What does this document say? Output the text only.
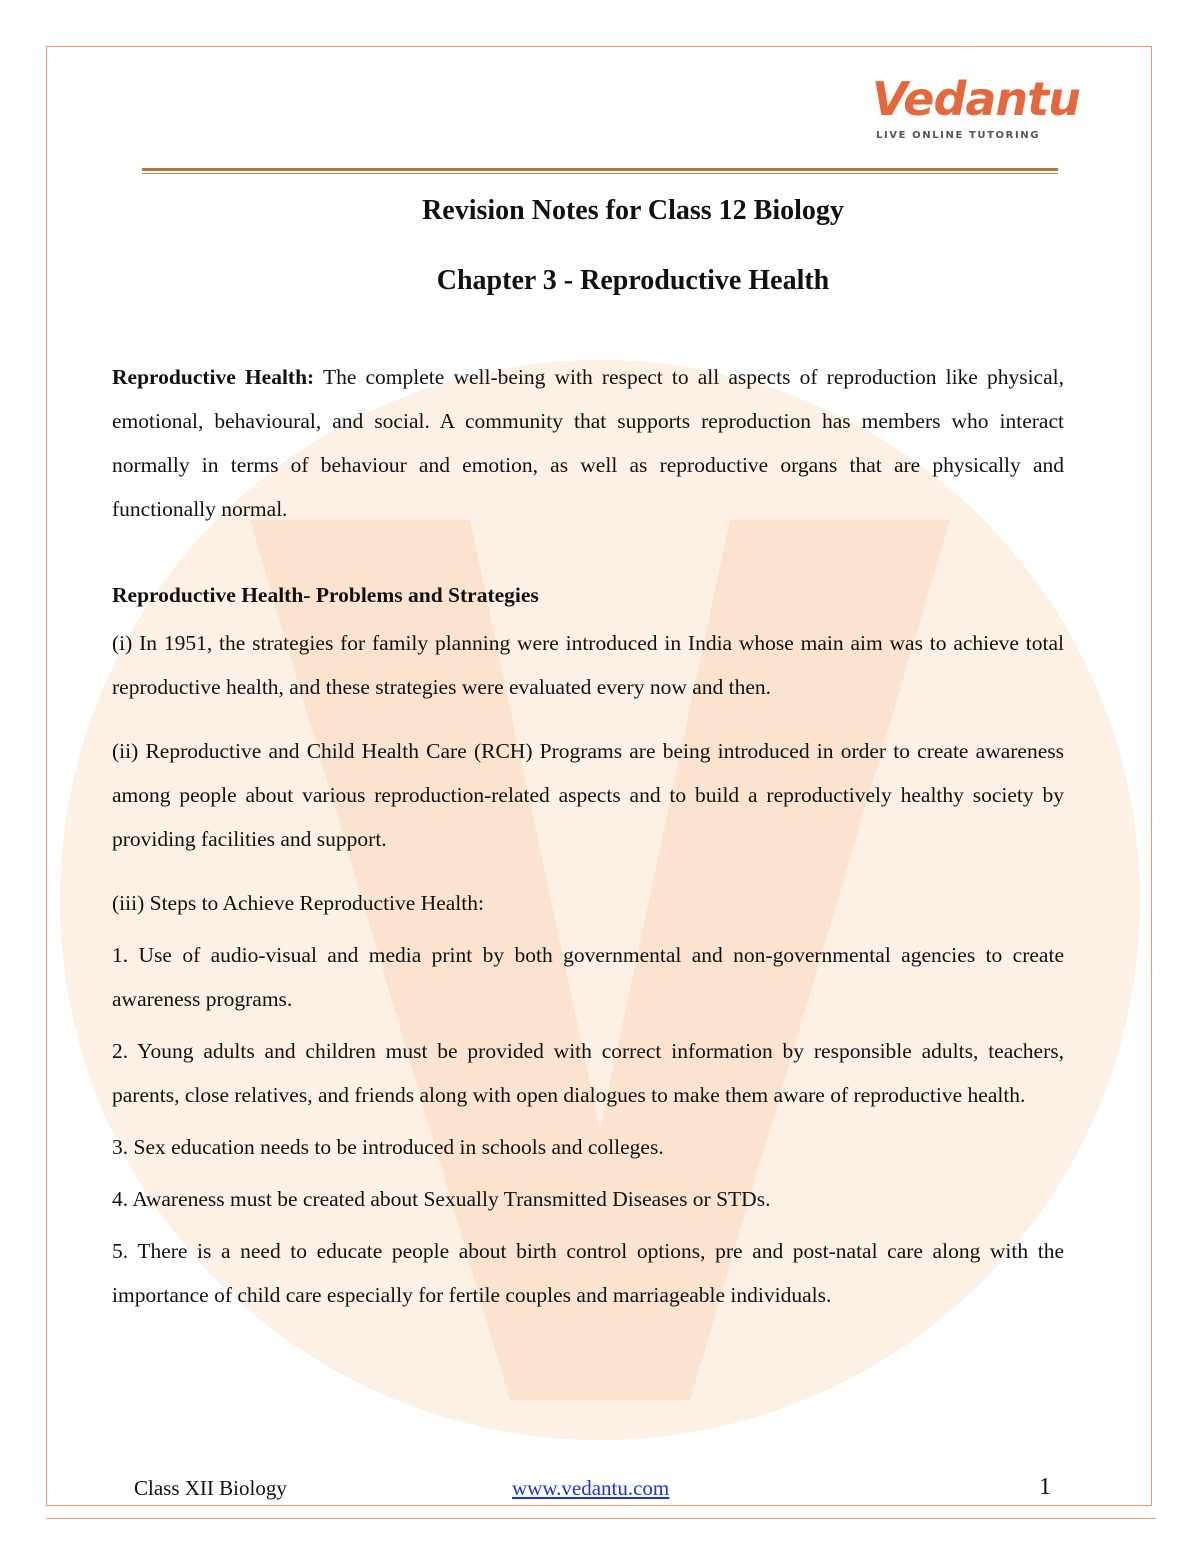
Vedantu
LIVE ONLINE TUTORING
Revision Notes for Class 12 Biology
Chapter 3 - Reproductive Health

Reproductive Health: The complete well-being with respect to all aspects of reproduction like physical, emotional, behavioural, and social. A community that supports reproduction has members who interact normally in terms of behaviour and emotion, as well as reproductive organs that are physically and functionally normal.

Reproductive Health- Problems and Strategies

(i) In 1951, the strategies for family planning were introduced in India whose main aim was to achieve total reproductive health, and these strategies were evaluated every now and then.

(ii) Reproductive and Child Health Care (RCH) Programs are being introduced in order to create awareness among people about various reproduction-related aspects and to build a reproductively healthy society by providing facilities and support.

(iii) Steps to Achieve Reproductive Health:

1. Use of audio-visual and media print by both governmental and non-governmental agencies to create awareness programs.

2. Young adults and children must be provided with correct information by responsible adults, teachers, parents, close relatives, and friends along with open dialogues to make them aware of reproductive health.

3. Sex education needs to be introduced in schools and colleges.

4. Awareness must be created about Sexually Transmitted Diseases or STDs.

5. There is a need to educate people about birth control options, pre and post-natal care along with the importance of child care especially for fertile couples and marriageable individuals.

Class XII Biology	www.vedantu.com	1
